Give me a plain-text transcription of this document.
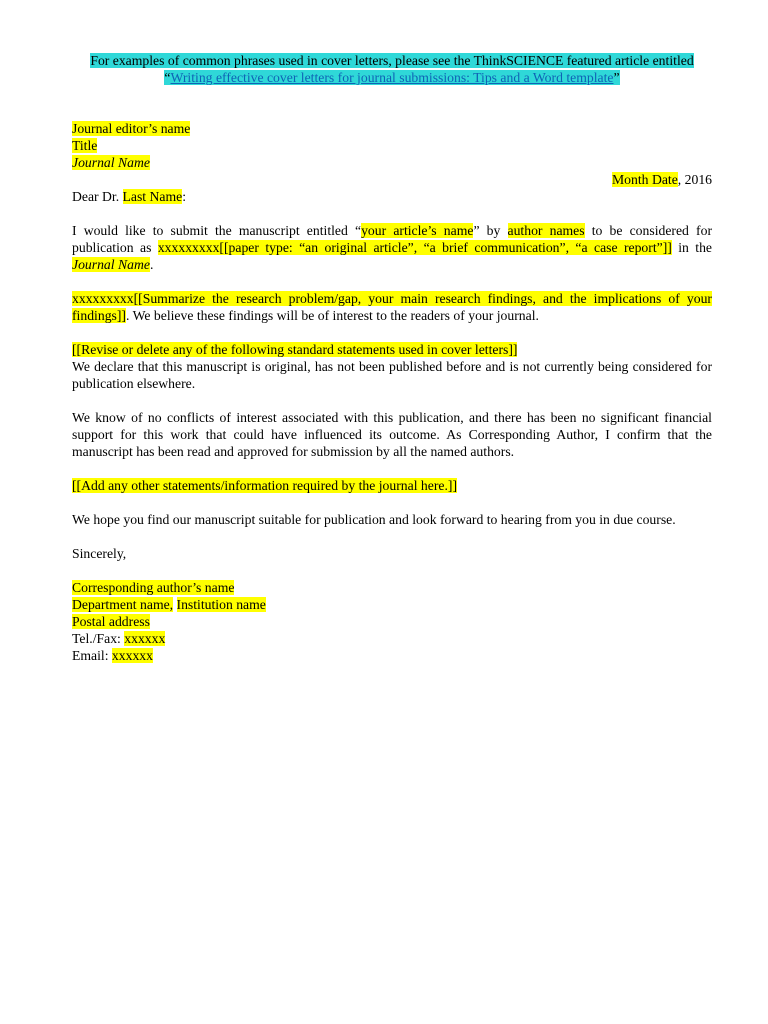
For examples of common phrases used in cover letters, please see the ThinkSCIENCE featured article entitled “Writing effective cover letters for journal submissions: Tips and a Word template”

Journal editor’s name
Title
Journal Name

Month Date, 2016

Dear Dr. Last Name:

I would like to submit the manuscript entitled “your article’s name” by author names to be considered for publication as xxxxxxxxx[[paper type: “an original article”, “a brief communication”, “a case report”]] in the Journal Name.

xxxxxxxxx[[Summarize the research problem/gap, your main research findings, and the implications of your findings]]. We believe these findings will be of interest to the readers of your journal.

[[Revise or delete any of the following standard statements used in cover letters]]

We declare that this manuscript is original, has not been published before and is not currently being considered for publication elsewhere.

We know of no conflicts of interest associated with this publication, and there has been no significant financial support for this work that could have influenced its outcome. As Corresponding Author, I confirm that the manuscript has been read and approved for submission by all the named authors.

[[Add any other statements/information required by the journal here.]]

We hope you find our manuscript suitable for publication and look forward to hearing from you in due course.

Sincerely,

Corresponding author’s name
Department name, Institution name
Postal address
Tel./Fax: xxxxxx
Email: xxxxxx
